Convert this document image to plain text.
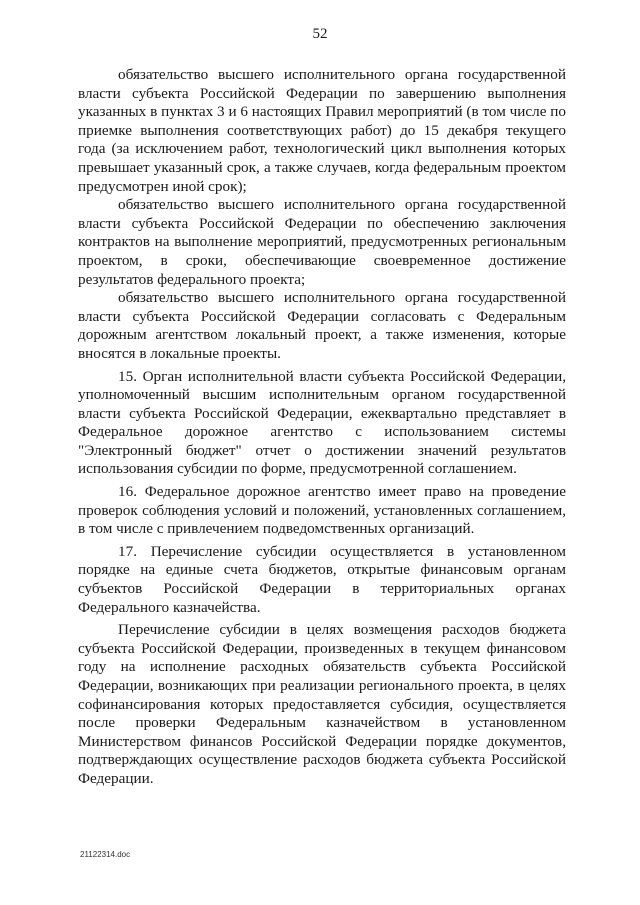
52

обязательство высшего исполнительного органа государственной власти субъекта Российской Федерации по завершению выполнения указанных в пунктах 3 и 6 настоящих Правил мероприятий (в том числе по приемке выполнения соответствующих работ) до 15 декабря текущего года (за исключением работ, технологический цикл выполнения которых превышает указанный срок, а также случаев, когда федеральным проектом предусмотрен иной срок);

обязательство высшего исполнительного органа государственной власти субъекта Российской Федерации по обеспечению заключения контрактов на выполнение мероприятий, предусмотренных региональным проектом, в сроки, обеспечивающие своевременное достижение результатов федерального проекта;

обязательство высшего исполнительного органа государственной власти субъекта Российской Федерации согласовать с Федеральным дорожным агентством локальный проект, а также изменения, которые вносятся в локальные проекты.

15. Орган исполнительной власти субъекта Российской Федерации, уполномоченный высшим исполнительным органом государственной власти субъекта Российской Федерации, ежеквартально представляет в Федеральное дорожное агентство с использованием системы "Электронный бюджет" отчет о достижении значений результатов использования субсидии по форме, предусмотренной соглашением.

16. Федеральное дорожное агентство имеет право на проведение проверок соблюдения условий и положений, установленных соглашением, в том числе с привлечением подведомственных организаций.

17. Перечисление субсидии осуществляется в установленном порядке на единые счета бюджетов, открытые финансовым органам субъектов Российской Федерации в территориальных органах Федерального казначейства.

Перечисление субсидии в целях возмещения расходов бюджета субъекта Российской Федерации, произведенных в текущем финансовом году на исполнение расходных обязательств субъекта Российской Федерации, возникающих при реализации регионального проекта, в целях софинансирования которых предоставляется субсидия, осуществляется после проверки Федеральным казначейством в установленном Министерством финансов Российской Федерации порядке документов, подтверждающих осуществление расходов бюджета субъекта Российской Федерации.

21122314.doc
